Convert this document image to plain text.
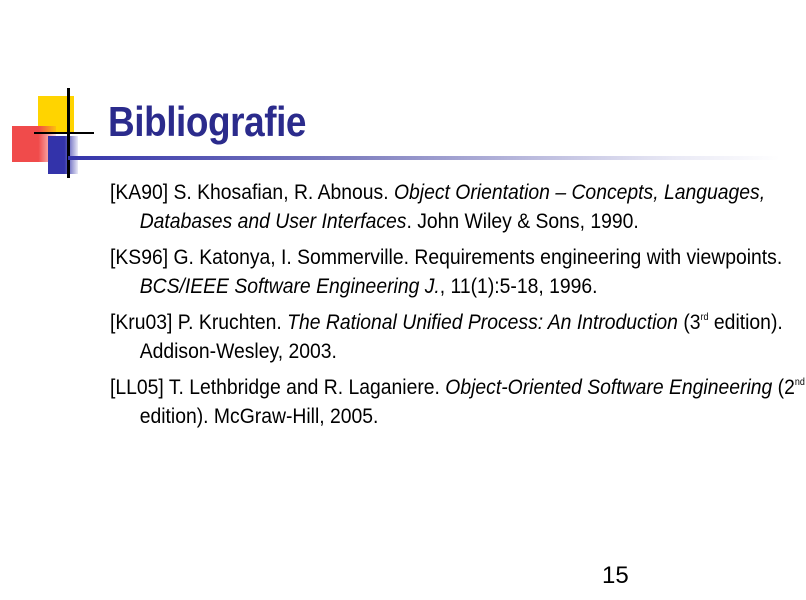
Bibliografie

[KA90] S. Khosafian, R. Abnous. Object Orientation – Concepts, Languages, Databases and User Interfaces. John Wiley & Sons, 1990.

[KS96] G. Katonya, I. Sommerville. Requirements engineering with viewpoints. BCS/IEEE Software Engineering J., 11(1):5-18, 1996.

[Kru03] P. Kruchten. The Rational Unified Process: An Introduction (3rd edition). Addison-Wesley, 2003.

[LL05] T. Lethbridge and R. Laganiere. Object-Oriented Software Engineering (2nd edition). McGraw-Hill, 2005.

15
